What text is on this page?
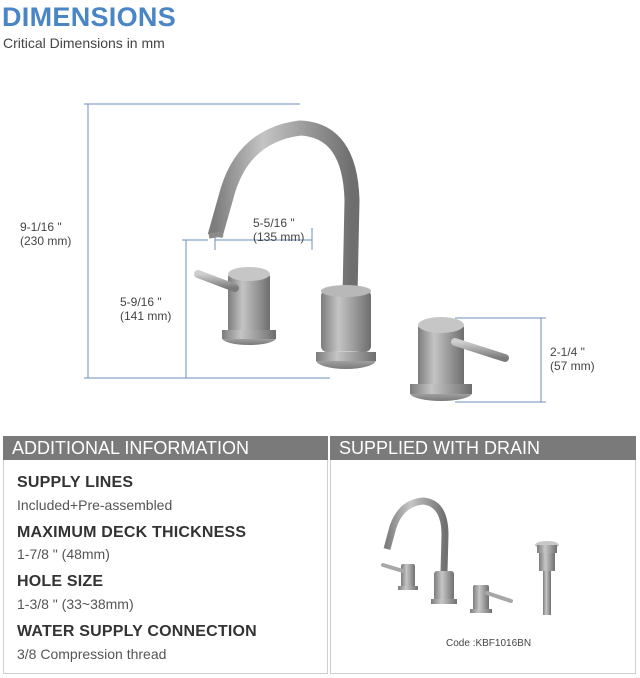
DIMENSIONS
Critical Dimensions in mm
9-1/16 "
(230 mm)
5-5/16 "
(135 mm)
5-9/16 "
(141 mm)
2-1/4 "
(57 mm)
ADDITIONAL INFORMATION
SUPPLY LINES
Included+Pre-assembled
MAXIMUM DECK THICKNESS
1-7/8 " (48mm)
HOLE SIZE
1-3/8 " (33~38mm)
WATER SUPPLY CONNECTION
3/8 Compression thread
SUPPLIED WITH DRAIN
Code :KBF1016BN
